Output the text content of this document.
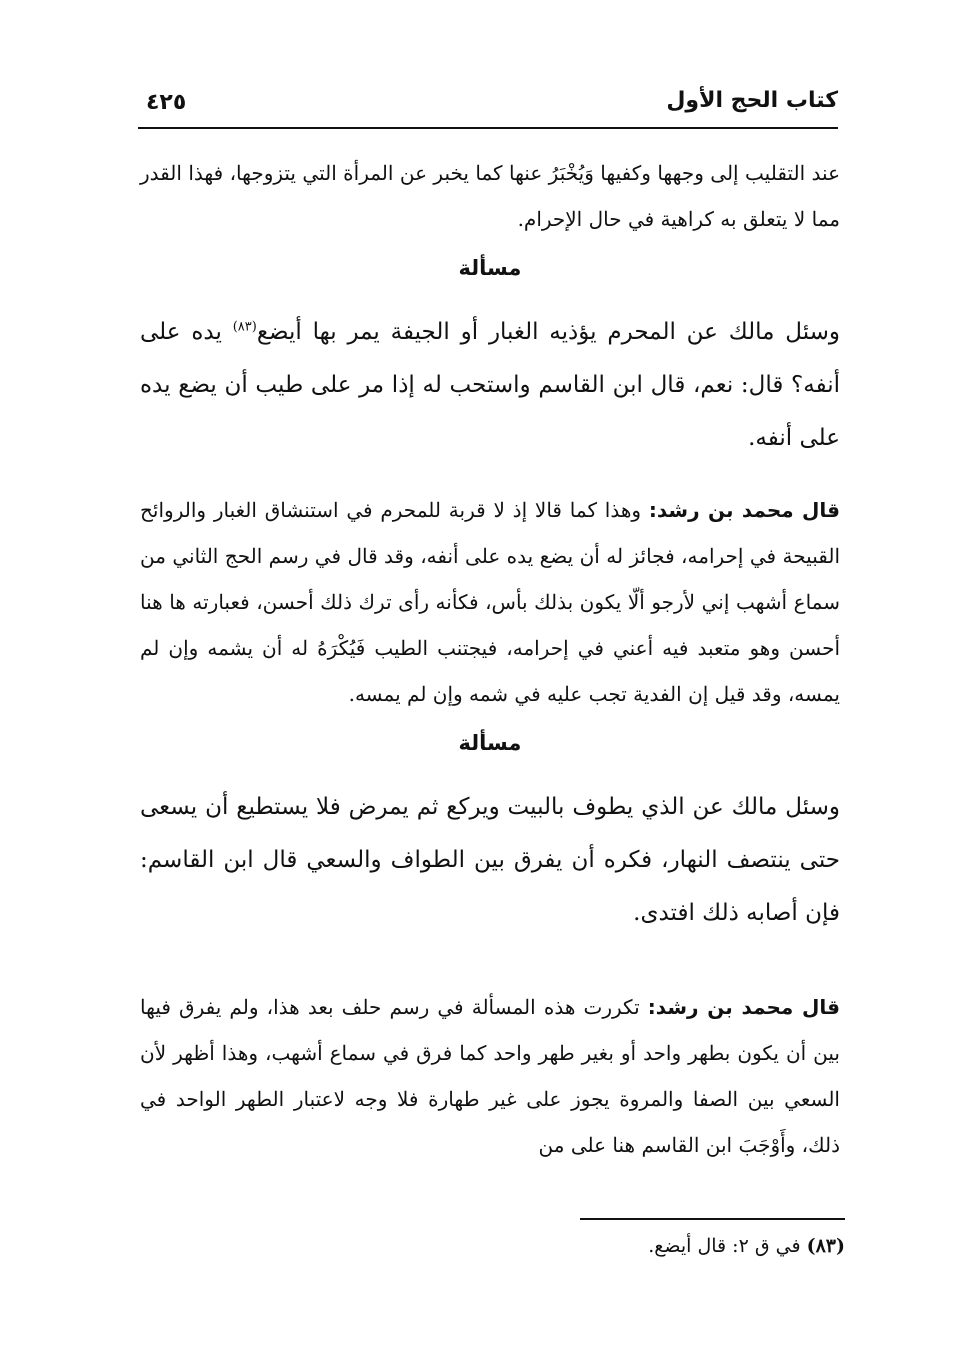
كتاب الحج الأول
٤٢٥

عند التقليب إلى وجهها وكفيها وَيُخْبَرُ عنها كما يخبر عن المرأة التي يتزوجها، فهذا القدر مما لا يتعلق به كراهية في حال الإحرام.

مسألة

وسئل مالك عن المحرم يؤذيه الغبار أو الجيفة يمر بها أيضع$^{(٨٣)}$ يده على أنفه؟ قال: نعم، قال ابن القاسم واستحب له إذا مر على طيب أن يضع يده على أنفه.

قال محمد بن رشد: وهذا كما قالا إذ لا قربة للمحرم في استنشاق الغبار والروائح القبيحة في إحرامه، فجائز له أن يضع يده على أنفه، وقد قال في رسم الحج الثاني من سماع أشهب إني لأرجو ألّا يكون بذلك بأس، فكأنه رأى ترك ذلك أحسن، فعبارته ها هنا أحسن وهو متعبد فيه أعني في إحرامه، فيجتنب الطيب فَيُكْرَهُ له أن يشمه وإن لم يمسه، وقد قيل إن الفدية تجب عليه في شمه وإن لم يمسه.

مسألة

وسئل مالك عن الذي يطوف بالبيت ويركع ثم يمرض فلا يستطيع أن يسعى حتى ينتصف النهار، فكره أن يفرق بين الطواف والسعي قال ابن القاسم: فإن أصابه ذلك افتدى.

قال محمد بن رشد: تكررت هذه المسألة في رسم حلف بعد هذا، ولم يفرق فيها بين أن يكون بطهر واحد أو بغير طهر واحد كما فرق في سماع أشهب، وهذا أظهر لأن السعي بين الصفا والمروة يجوز على غير طهارة فلا وجه لاعتبار الطهر الواحد في ذلك، وأَوْجَبَ ابن القاسم هنا على من

(٨٣) في ق ٢: قال أيضع.
